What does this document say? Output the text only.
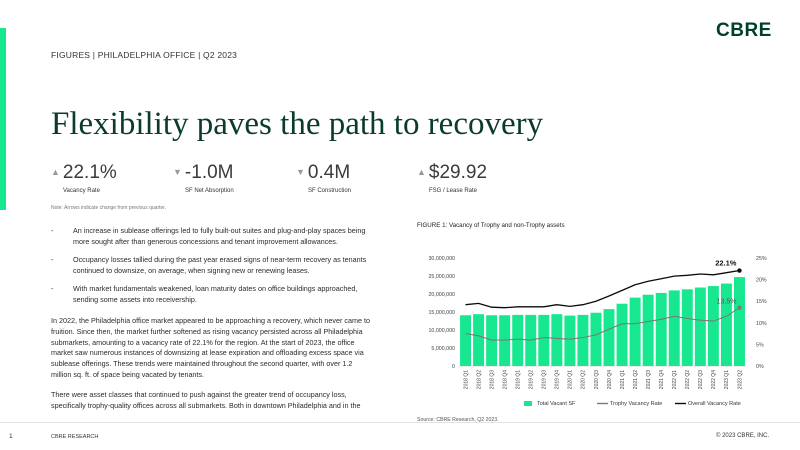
FIGURES | PHILADELPHIA OFFICE | Q2 2023
CBRE
Flexibility paves the path to recovery
▲ 22.1%
Vacancy Rate
▼ -1.0M
SF Net Absorption
▼ 0.4M
SF Construction
▲ $29.92
FSG / Lease Rate
Note: Arrows indicate change from previous quarter.
-	An increase in sublease offerings led to fully built-out suites and plug-and-play spaces being more sought after than generous concessions and tenant improvement allowances.
-	Occupancy losses tallied during the past year erased signs of near-term recovery as tenants continued to downsize, on average, when signing new or renewing leases.
-	With market fundamentals weakened, loan maturity dates on office buildings approached, sending some assets into receivership.
In 2022, the Philadelphia office market appeared to be approaching a recovery, which never came to fruition. Since then, the market further softened as rising vacancy persisted across all Philadelphia submarkets, amounting to a vacancy rate of 22.1% for the region. At the start of 2023, the office market saw numerous instances of downsizing at lease expiration and offloading excess space via sublease offerings. These trends were maintained throughout the second quarter, with over 1.2 million sq. ft. of space being vacated by tenants.
There were asset classes that continued to push against the greater trend of occupancy loss, specifically trophy-quality offices across all submarkets. Both in downtown Philadelphia and in the
FIGURE 1: Vacancy of Trophy and non-Trophy assets
0
5,000,000
10,000,000
15,000,000
20,000,000
25,000,000
30,000,000
0%
5%
10%
15%
20%
25%
22.1%
13.5%
2018 Q1 2018 Q2 2018 Q3 2018 Q4 2019 Q1 2019 Q2 2019 Q3 2019 Q4 2020 Q1 2020 Q2 2020 Q3 2020 Q4 2021 Q1 2021 Q2 2021 Q3 2021 Q4 2022 Q1 2022 Q2 2022 Q3 2022 Q4 2023 Q1 2023 Q2
Total Vacant SF	Trophy Vacancy Rate	Overall Vacancy Rate
Source: CBRE Research, Q2 2023.
1	CBRE RESEARCH	© 2023 CBRE, INC.
